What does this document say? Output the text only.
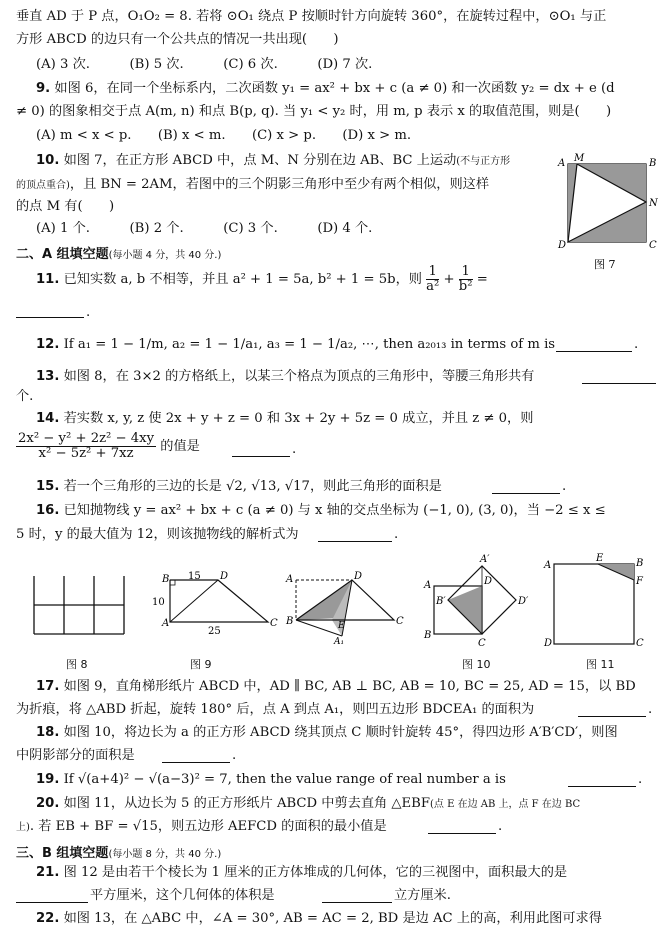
垂直 AD 于 P 点，O₁O₂ = 8. 若将 ⊙O₁ 绕点 P 按顺时针方向旋转 360°，在旋转过程中，⊙O₁ 与正
方形 ABCD 的边只有一个公共点的情况一共出现(　　)
(A) 3 次.　　　(B) 5 次.　　　(C) 6 次.　　　(D) 7 次.
9. 如图 6，在同一个坐标系内，二次函数 y₁ = ax² + bx + c (a ≠ 0) 和一次函数 y₂ = dx + e (d
≠ 0) 的图象相交于点 A(m, n) 和点 B(p, q). 当 y₁ < y₂ 时，用 m, p 表示 x 的取值范围，则是(　　)
(A) m < x < p.　　(B) x < m.　　(C) x > p.　　(D) x > m.
10. 如图 7，在正方形 ABCD 中，点 M、N 分别在边 AB、BC 上运动(不与正方形
的顶点重合)，且 BN = 2AM，若图中的三个阴影三角形中至少有两个相似，则这样
的点 M 有(　　)
(A) 1 个.　　　(B) 2 个.　　　(C) 3 个.　　　(D) 4 个.
A M	B
N
C
D
图 7
二、A 组填空题(每小题 4 分，共 40 分.)
11. 已知实数 a, b 不相等，并且 a² + 1 = 5a, b² + 1 = 5b，则 $\frac{1}{\text{a²}} + \frac{1}{\text{b²}}$ =
.
12. If a₁ = 1 − 1/m, a₂ = 1 − 1/a₁, a₃ = 1 − 1/a₂, ⋯, then a₂₀₁₃ in terms of m is	.
13. 如图 8，在 3×2 的方格纸上，以某三个格点为顶点的三角形中，等腰三角形共有
个.
14. 若实数 x, y, z 使 2x + y + z = 0 和 3x + 2y + 5z = 0 成立，并且 z ≠ 0，则
$\frac{\text{2x² − y² + 2z² − 4xy}}{\text{x² − 5z² + 7xz}}$ 的值是	.
15. 若一个三角形的三边的长是 √2, √13, √17，则此三角形的面积是	.
16. 已知抛物线 y = ax² + bx + c (a ≠ 0) 与 x 轴的交点坐标为 (−1, 0), (3, 0)，当 −2 ≤ x ≤
5 时，y 的最大值为 12，则该抛物线的解析式为	.
图 8
B	D
A	C
15
10
25
图 9
A	D
B	C
E
A₁
A	D
A′
B′	D′
B
C
图 10
A
E	B
F
D	C
图 11
17. 如图 9，直角梯形纸片 ABCD 中，AD ∥ BC, AB ⊥ BC, AB = 10, BC = 25, AD = 15，以 BD
为折痕，将 △ABD 折起，旋转 180° 后，点 A 到点 A₁，则凹五边形 BDCEA₁ 的面积为	.
18. 如图 10，将边长为 a 的正方形 ABCD 绕其顶点 C 顺时针旋转 45°，得四边形 A′B′CD′，则图
中阴影部分的面积是	.
19. If √(a+4)² − √(a−3)² = 7, then the value range of real number a is	.
20. 如图 11，从边长为 5 的正方形纸片 ABCD 中剪去直角 △EBF(点 E 在边 AB 上，点 F 在边 BC
上). 若 EB + BF = √15，则五边形 AEFCD 的面积的最小值是	.
三、B 组填空题(每小题 8 分，共 40 分.)
21. 图 12 是由若干个棱长为 1 厘米的正方体堆成的几何体，它的三视图中，面积最大的是
平方厘米，这个几何体的体积是	立方厘米.
22. 如图 13，在 △ABC 中，∠A = 30°, AB = AC = 2, BD 是边 AC 上的高，利用此图可求得
